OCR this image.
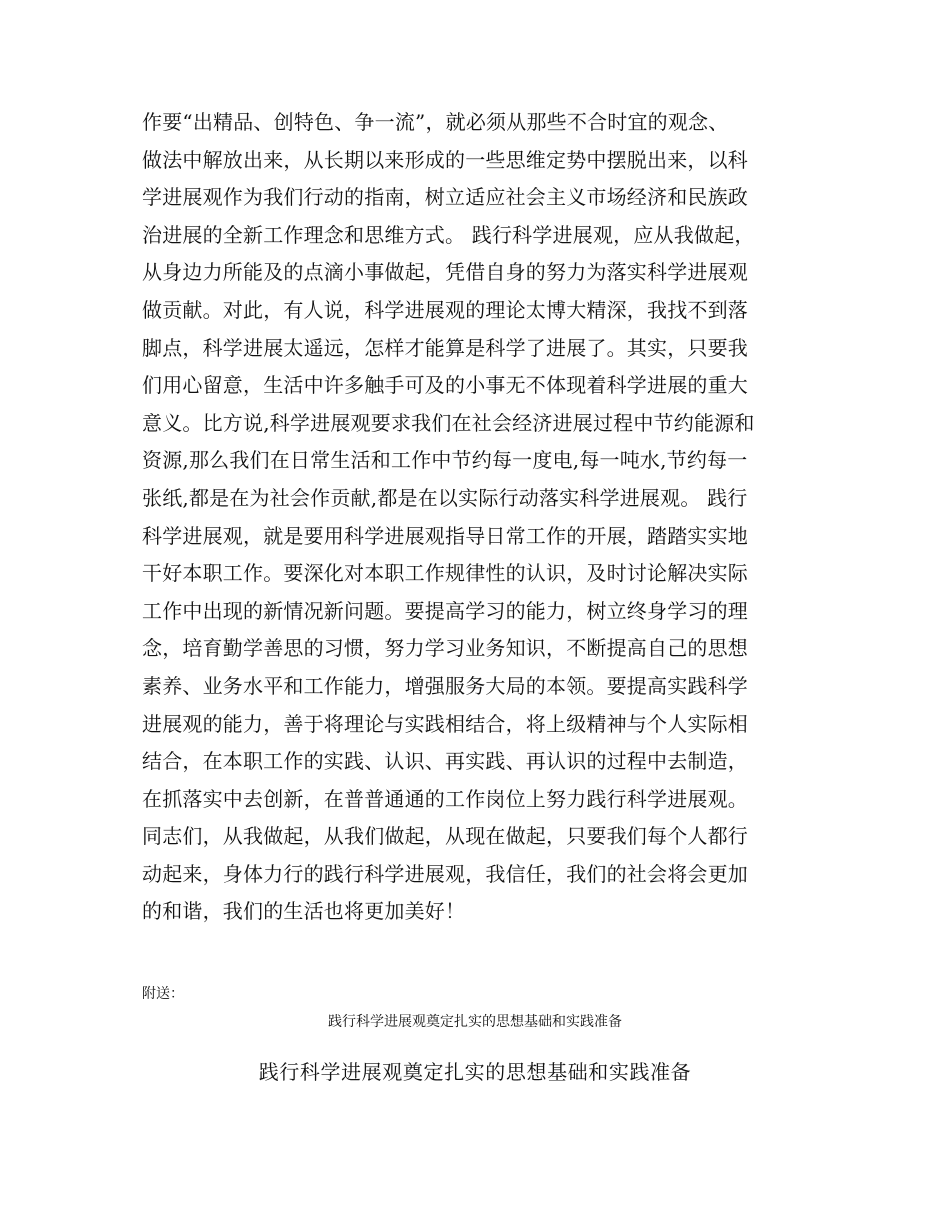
作要“出精品、创特色、争一流”，就必须从那些不合时宜的观念、
做法中解放出来，从长期以来形成的一些思维定势中摆脱出来，以科
学进展观作为我们行动的指南，树立适应社会主义市场经济和民族政
治进展的全新工作理念和思维方式。 践行科学进展观，应从我做起，
从身边力所能及的点滴小事做起，凭借自身的努力为落实科学进展观
做贡献。对此，有人说，科学进展观的理论太博大精深，我找不到落
脚点，科学进展太遥远，怎样才能算是科学了进展了。其实，只要我
们用心留意，生活中许多触手可及的小事无不体现着科学进展的重大
意义。比方说,科学进展观要求我们在社会经济进展过程中节约能源和
资源,那么我们在日常生活和工作中节约每一度电,每一吨水,节约每一
张纸,都是在为社会作贡献,都是在以实际行动落实科学进展观。 践行
科学进展观，就是要用科学进展观指导日常工作的开展，踏踏实实地
干好本职工作。要深化对本职工作规律性的认识，及时讨论解决实际
工作中出现的新情况新问题。要提高学习的能力，树立终身学习的理
念，培育勤学善思的习惯，努力学习业务知识，不断提高自己的思想
素养、业务水平和工作能力，增强服务大局的本领。要提高实践科学
进展观的能力，善于将理论与实践相结合，将上级精神与个人实际相
结合，在本职工作的实践、认识、再实践、再认识的过程中去制造，
在抓落实中去创新，在普普通通的工作岗位上努力践行科学进展观。
同志们，从我做起，从我们做起，从现在做起，只要我们每个人都行
动起来，身体力行的践行科学进展观，我信任，我们的社会将会更加
的和谐，我们的生活也将更加美好！
附送：
践行科学进展观奠定扎实的思想基础和实践准备
践行科学进展观奠定扎实的思想基础和实践准备
